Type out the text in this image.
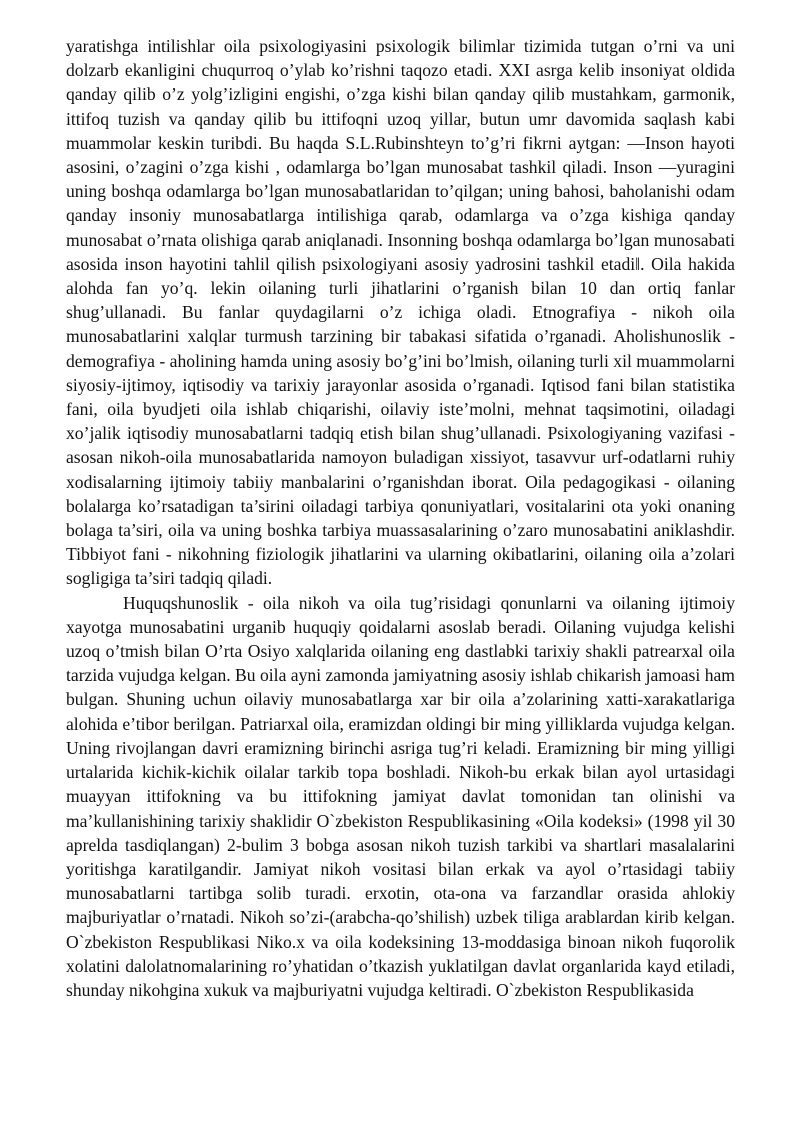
yaratishga intilishlar oila psixologiyasini psixologik bilimlar tizimida tutgan o’rni va uni dolzarb ekanligini chuqurroq o’ylab ko’rishni taqozo etadi. XXI asrga kelib insoniyat oldida qanday qilib o’z yolg’izligini engishi, o’zga kishi bilan qanday qilib mustahkam, garmonik, ittifoq tuzish va qanday qilib bu ittifoqni uzoq yillar, butun umr davomida saqlash kabi muammolar keskin turibdi. Bu haqda S.L.Rubinshteyn to’g’ri fikrni aytgan: ―Inson hayoti asosini, o’zagini o’zga kishi , odamlarga bo’lgan munosabat tashkil qiladi. Inson ―yuragini uning boshqa odamlarga bo’lgan munosabatlaridan to’qilgan; uning bahosi, baholanishi odam qanday insoniy munosabatlarga intilishiga qarab, odamlarga va o’zga kishiga qanday munosabat o’rnata olishiga qarab aniqlanadi. Insonning boshqa odamlarga bo’lgan munosabati asosida inson hayotini tahlil qilish psixologiyani asosiy yadrosini tashkil etadi‖. Oila hakida alohda fan yo’q. lekin oilaning turli jihatlarini o’rganish bilan 10 dan ortiq fanlar shug’ullanadi. Bu fanlar quydagilarni o’z ichiga oladi. Etnografiya - nikoh oila munosabatlarini xalqlar turmush tarzining bir tabakasi sifatida o’rganadi. Aholishunoslik - demografiya - aholining hamda uning asosiy bo’g’ini bo’lmish, oilaning turli xil muammolarni siyosiy-ijtimoy, iqtisodiy va tarixiy jarayonlar asosida o’rganadi. Iqtisod fani bilan statistika fani, oila byudjeti oila ishlab chiqarishi, oilaviy iste’molni, mehnat taqsimotini, oiladagi xo’jalik iqtisodiy munosabatlarni tadqiq etish bilan shug’ullanadi. Psixologiyaning vazifasi - asosan nikoh-oila munosabatlarida namoyon buladigan xissiyot, tasavvur urf-odatlarni ruhiy xodisalarning ijtimoiy tabiiy manbalarini o’rganishdan iborat. Oila pedagogikasi - oilaning bolalarga ko’rsatadigan ta’sirini oiladagi tarbiya qonuniyatlari, vositalarini ota yoki onaning bolaga ta’siri, oila va uning boshka tarbiya muassasalarining o’zaro munosabatini aniklashdir. Tibbiyot fani - nikohning fiziologik jihatlarini va ularning okibatlarini, oilaning oila a’zolari sogligiga ta’siri tadqiq qiladi.

Huquqshunoslik - oila nikoh va oila tug’risidagi qonunlarni va oilaning ijtimoiy xayotga munosabatini urganib huquqiy qoidalarni asoslab beradi. Oilaning vujudga kelishi uzoq o’tmish bilan O’rta Osiyo xalqlarida oilaning eng dastlabki tarixiy shakli patrearxal oila tarzida vujudga kelgan. Bu oila ayni zamonda jamiyatning asosiy ishlab chikarish jamoasi ham bulgan. Shuning uchun oilaviy munosabatlarga xar bir oila a’zolarining xatti-xarakatlariga alohida e’tibor berilgan. Patriarxal oila, eramizdan oldingi bir ming yilliklarda vujudga kelgan. Uning rivojlangan davri eramizning birinchi asriga tug’ri keladi. Eramizning bir ming yilligi urtalarida kichik-kichik oilalar tarkib topa boshladi. Nikoh-bu erkak bilan ayol urtasidagi muayyan ittifokning va bu ittifokning jamiyat davlat tomonidan tan olinishi va ma’kullanishining tarixiy shaklidir O`zbekiston Respublikasining «Oila kodeksi» (1998 yil 30 aprelda tasdiqlangan) 2-bulim 3 bobga asosan nikoh tuzish tarkibi va shartlari masalalarini yoritishga karatilgandir. Jamiyat nikoh vositasi bilan erkak va ayol o’rtasidagi tabiiy munosabatlarni tartibga solib turadi. erxotin, ota-ona va farzandlar orasida ahlokiy majburiyatlar o’rnatadi. Nikoh so’zi-(arabcha-qo’shilish) uzbek tiliga arablardan kirib kelgan. O`zbekiston Respublikasi Niko.x va oila kodeksining 13-moddasiga binoan nikoh fuqorolik xolatini dalolatnomalarining ro’yhatidan o’tkazish yuklatilgan davlat organlarida kayd etiladi, shunday nikohgina xukuk va majburiyatni vujudga keltiradi. O`zbekiston Respublikasida
